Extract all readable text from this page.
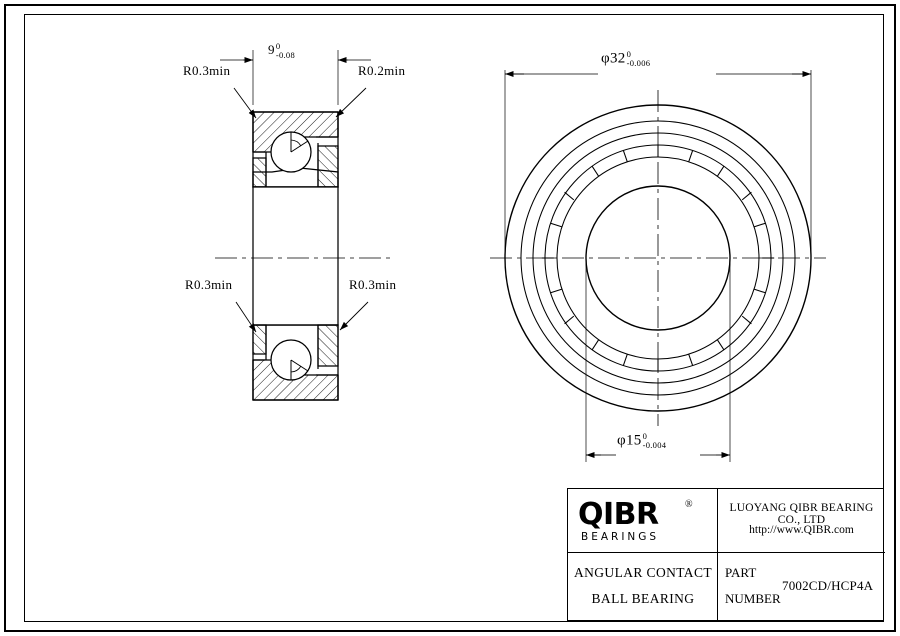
9 0
-0.08
R0.3min	R0.2min
R0.3min	R0.3min
φ32 0
-0.006
φ15 0
-0.004
QIBR	®
BEARINGS
LUOYANG QIBR BEARING CO., LTD
http://www.QIBR.com
ANGULAR CONTACT
BALL BEARING
PART
NUMBER
7002CD/HCP4A
